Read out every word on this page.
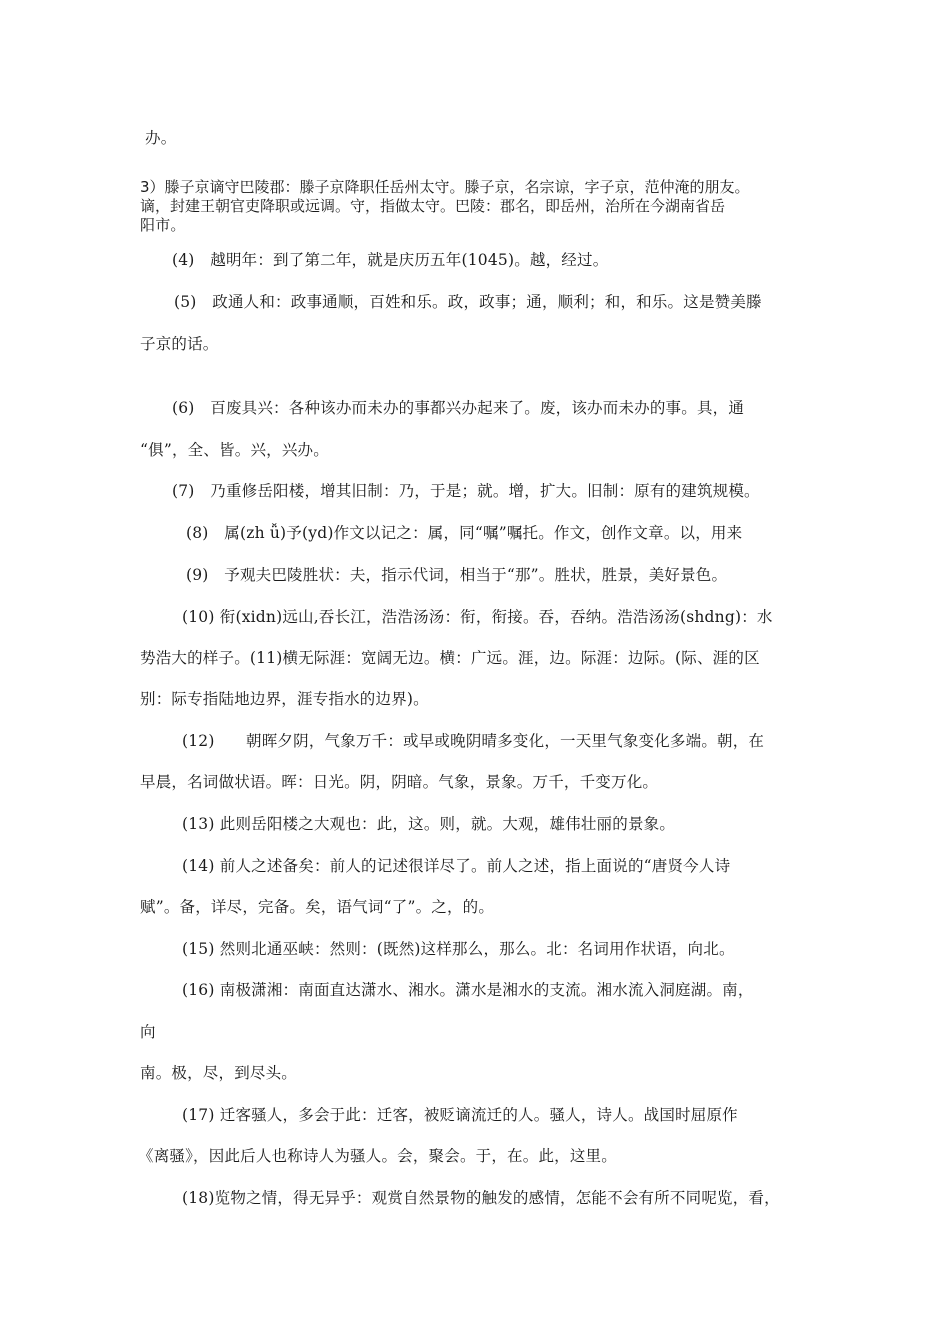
办。

3）滕子京谪守巴陵郡：滕子京降职任岳州太守。滕子京，名宗谅，字子京，范仲淹的朋友。

谪，封建王朝官吏降职或远调。守，指做太守。巴陵：郡名，即岳州，治所在今湖南省岳

阳市。

(4)　越明年：到了第二年，就是庆历五年(1045)。越，经过。

(5)　政通人和：政事通顺，百姓和乐。政，政事；通，顺利；和，和乐。这是赞美滕

子京的话。

(6)　百废具兴：各种该办而未办的事都兴办起来了。废，该办而未办的事。具，通

“俱”，全、皆。兴，兴办。

(7)　乃重修岳阳楼，增其旧制：乃，于是；就。增，扩大。旧制：原有的建筑规模。

(8)　属(zh ǚ)予(yd)作文以记之：属，同“嘱”嘱托。作文，创作文章。以，用来

(9)　予观夫巴陵胜状：夫，指示代词，相当于“那”。胜状，胜景，美好景色。

(10) 衔(xidn)远山,吞长江，浩浩汤汤：衔，衔接。吞，吞纳。浩浩汤汤(shdng)：水

势浩大的样子。(11)横无际涯：宽阔无边。横：广远。涯，边。际涯：边际。(际、涯的区

别：际专指陆地边界，涯专指水的边界)。

(12)　　朝晖夕阴，气象万千：或早或晚阴晴多变化，一天里气象变化多端。朝，在

早晨，名词做状语。晖：日光。阴，阴暗。气象，景象。万千，千变万化。

(13) 此则岳阳楼之大观也：此，这。则，就。大观，雄伟壮丽的景象。

(14) 前人之述备矣：前人的记述很详尽了。前人之述，指上面说的“唐贤今人诗

赋”。备，详尽，完备。矣，语气词“了”。之，的。

(15) 然则北通巫峡：然则：(既然)这样那么，那么。北：名词用作状语，向北。

(16) 南极潇湘：南面直达潇水、湘水。潇水是湘水的支流。湘水流入洞庭湖。南，

向

南。极，尽，到尽头。

(17) 迁客骚人，多会于此：迁客，被贬谪流迁的人。骚人，诗人。战国时屈原作

《离骚》，因此后人也称诗人为骚人。会，聚会。于，在。此，这里。

(18)览物之情，得无异乎：观赏自然景物的触发的感情，怎能不会有所不同呢览，看，
